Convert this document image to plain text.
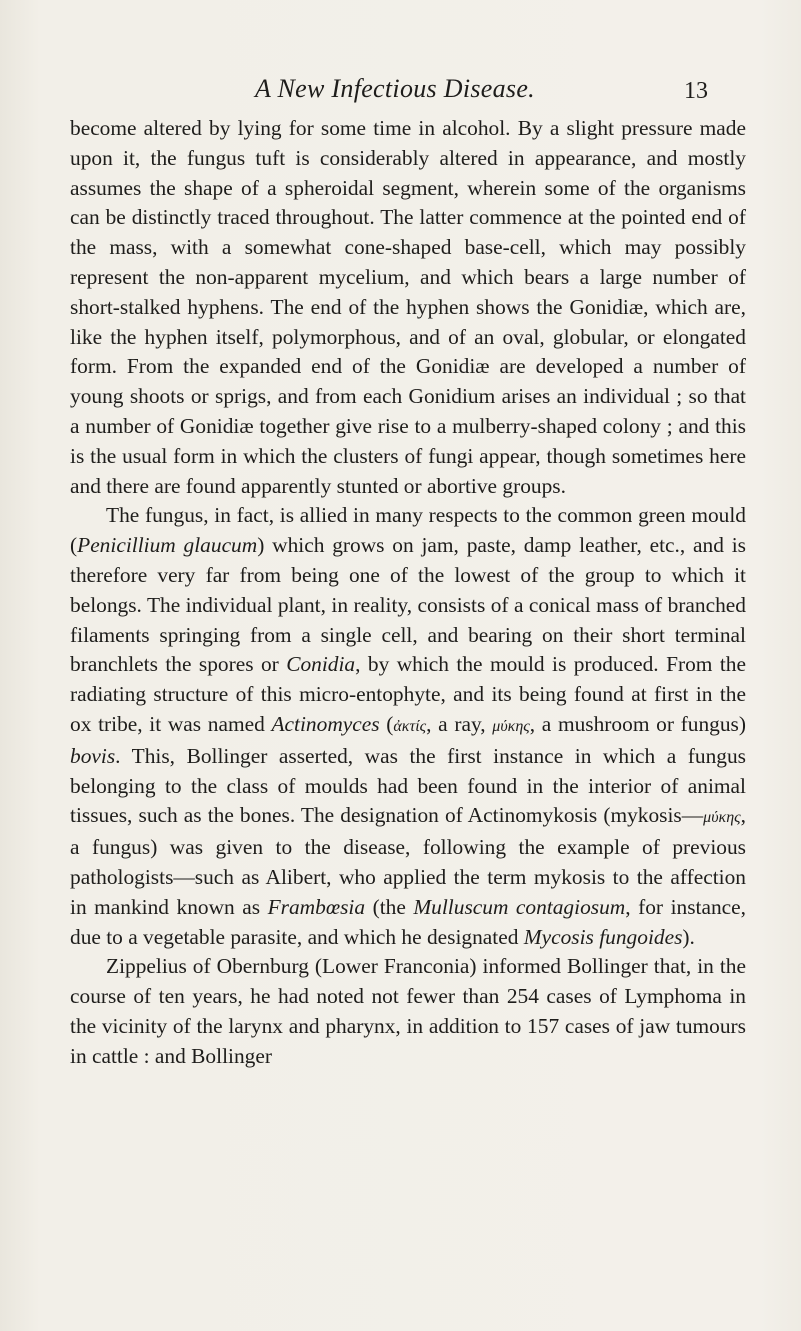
A New Infectious Disease.	13

become altered by lying for some time in alcohol. By a slight pressure made upon it, the fungus tuft is considerably altered in appearance, and mostly assumes the shape of a spheroidal segment, wherein some of the organisms can be distinctly traced throughout. The latter commence at the pointed end of the mass, with a somewhat cone-shaped base-cell, which may possibly represent the non-apparent mycelium, and which bears a large number of short-stalked hyphens. The end of the hyphen shows the Gonidiæ, which are, like the hyphen itself, polymorphous, and of an oval, globular, or elongated form. From the expanded end of the Gonidiæ are developed a number of young shoots or sprigs, and from each Gonidium arises an individual ; so that a number of Gonidiæ together give rise to a mulberry-shaped colony ; and this is the usual form in which the clusters of fungi appear, though sometimes here and there are found apparently stunted or abortive groups.

The fungus, in fact, is allied in many respects to the common green mould (Penicillium glaucum) which grows on jam, paste, damp leather, etc., and is therefore very far from being one of the lowest of the group to which it belongs. The individual plant, in reality, consists of a conical mass of branched filaments springing from a single cell, and bearing on their short terminal branchlets the spores or Conidia, by which the mould is produced. From the radiating structure of this micro-entophyte, and its being found at first in the ox tribe, it was named Actinomyces (ἀκτίς, a ray, μύκης, a mushroom or fungus) bovis. This, Bollinger asserted, was the first instance in which a fungus belonging to the class of moulds had been found in the interior of animal tissues, such as the bones. The designation of Actinomykosis (mykosis—μύκης, a fungus) was given to the disease, following the example of previous pathologists—such as Alibert, who applied the term mykosis to the affection in mankind known as Frambœsia (the Mulluscum contagiosum, for instance, due to a vegetable parasite, and which he designated Mycosis fungoides).

Zippelius of Obernburg (Lower Franconia) informed Bollinger that, in the course of ten years, he had noted not fewer than 254 cases of Lymphoma in the vicinity of the larynx and pharynx, in addition to 157 cases of jaw tumours in cattle : and Bollinger
